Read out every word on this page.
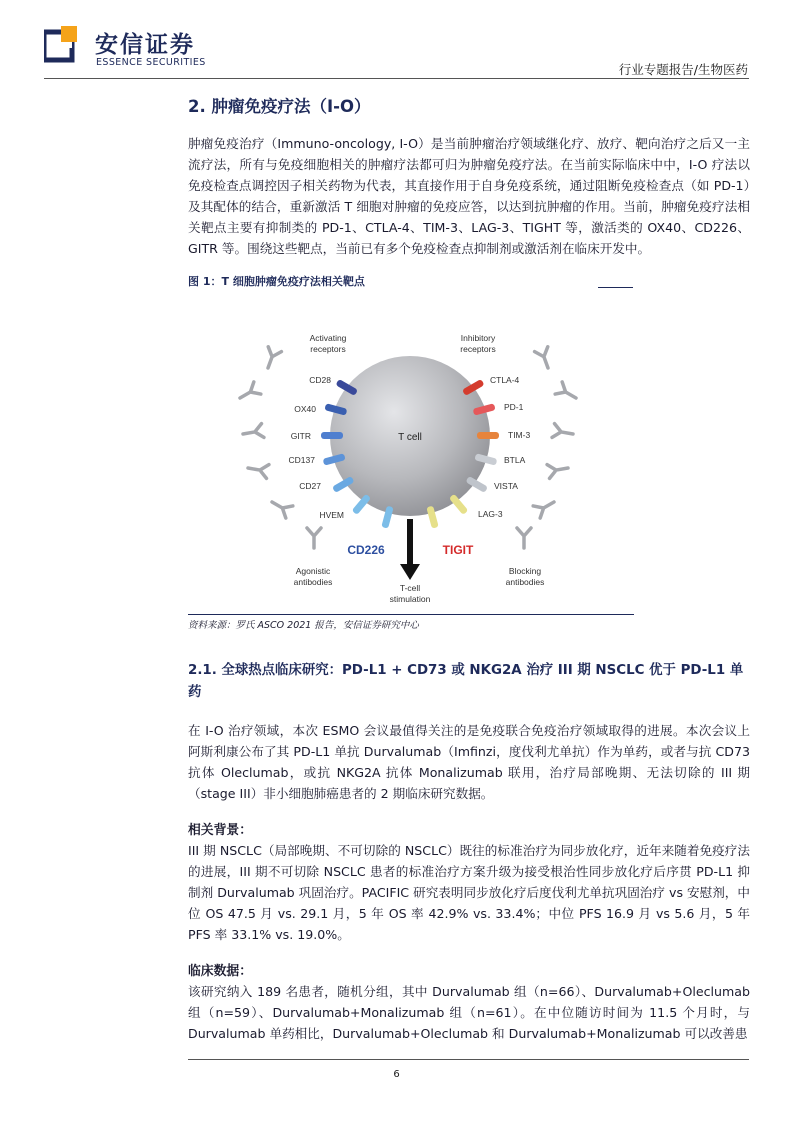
安信证券
ESSENCE SECURITIES	行业专题报告/生物医药
2. 肿瘤免疫疗法（I-O）

肿瘤免疫治疗（Immuno-oncology, I-O）是当前肿瘤治疗领域继化疗、放疗、靶向治疗之后又一主流疗法，所有与免疫细胞相关的肿瘤疗法都可归为肿瘤免疫疗法。在当前实际临床中中，I-O 疗法以免疫检查点调控因子相关药物为代表，其直接作用于自身免疫系统，通过阻断免疫检查点（如 PD-1）及其配体的结合，重新激活 T 细胞对肿瘤的免疫应答，以达到抗肿瘤的作用。当前，肿瘤免疫疗法相关靶点主要有抑制类的 PD-1、CTLA-4、TIM-3、LAG-3、TIGHT 等，激活类的 OX40、CD226、GITR 等。围绕这些靶点，当前已有多个免疫检查点抑制剂或激活剂在临床开发中。

图 1：T 细胞肿瘤免疫疗法相关靶点

T cell
Activating
receptors
Inhibitory
receptors
CD28
OX40
GITR
CD137
CD27
HVEM
CTLA-4
PD-1
TIM-3
BTLA
VISTA
LAG-3
CD226	TIGIT
T-cell
stimulation
Agonistic
antibodies
Blocking
antibodies
资料来源：罗氏 ASCO 2021 报告，安信证券研究中心
2.1. 全球热点临床研究：PD-L1 + CD73 或 NKG2A 治疗 III 期 NSCLC 优于 PD-L1 单药

在 I-O 治疗领域，本次 ESMO 会议最值得关注的是免疫联合免疫治疗领域取得的进展。本次会议上阿斯利康公布了其 PD-L1 单抗 Durvalumab（Imfinzi，度伐利尤单抗）作为单药，或者与抗 CD73 抗体 Oleclumab，或抗 NKG2A 抗体 Monalizumab 联用，治疗局部晚期、无法切除的 III 期（stage III）非小细胞肺癌患者的 2 期临床研究数据。

相关背景：

III 期 NSCLC（局部晚期、不可切除的 NSCLC）既往的标准治疗为同步放化疗，近年来随着免疫疗法的进展，III 期不可切除 NSCLC 患者的标准治疗方案升级为接受根治性同步放化疗后序贯 PD-L1 抑制剂 Durvalumab 巩固治疗。PACIFIC 研究表明同步放化疗后度伐利尤单抗巩固治疗 vs 安慰剂，中位 OS 47.5 月 vs. 29.1 月，5 年 OS 率 42.9% vs. 33.4%；中位 PFS 16.9 月 vs 5.6 月，5 年 PFS 率 33.1% vs. 19.0%。

临床数据：

该研究纳入 189 名患者，随机分组，其中 Durvalumab 组（n=66）、Durvalumab+Oleclumab 组（n=59）、Durvalumab+Monalizumab 组（n=61）。在中位随访时间为 11.5 个月时，与 Durvalumab 单药相比，Durvalumab+Oleclumab 和 Durvalumab+Monalizumab 可以改善患

6
